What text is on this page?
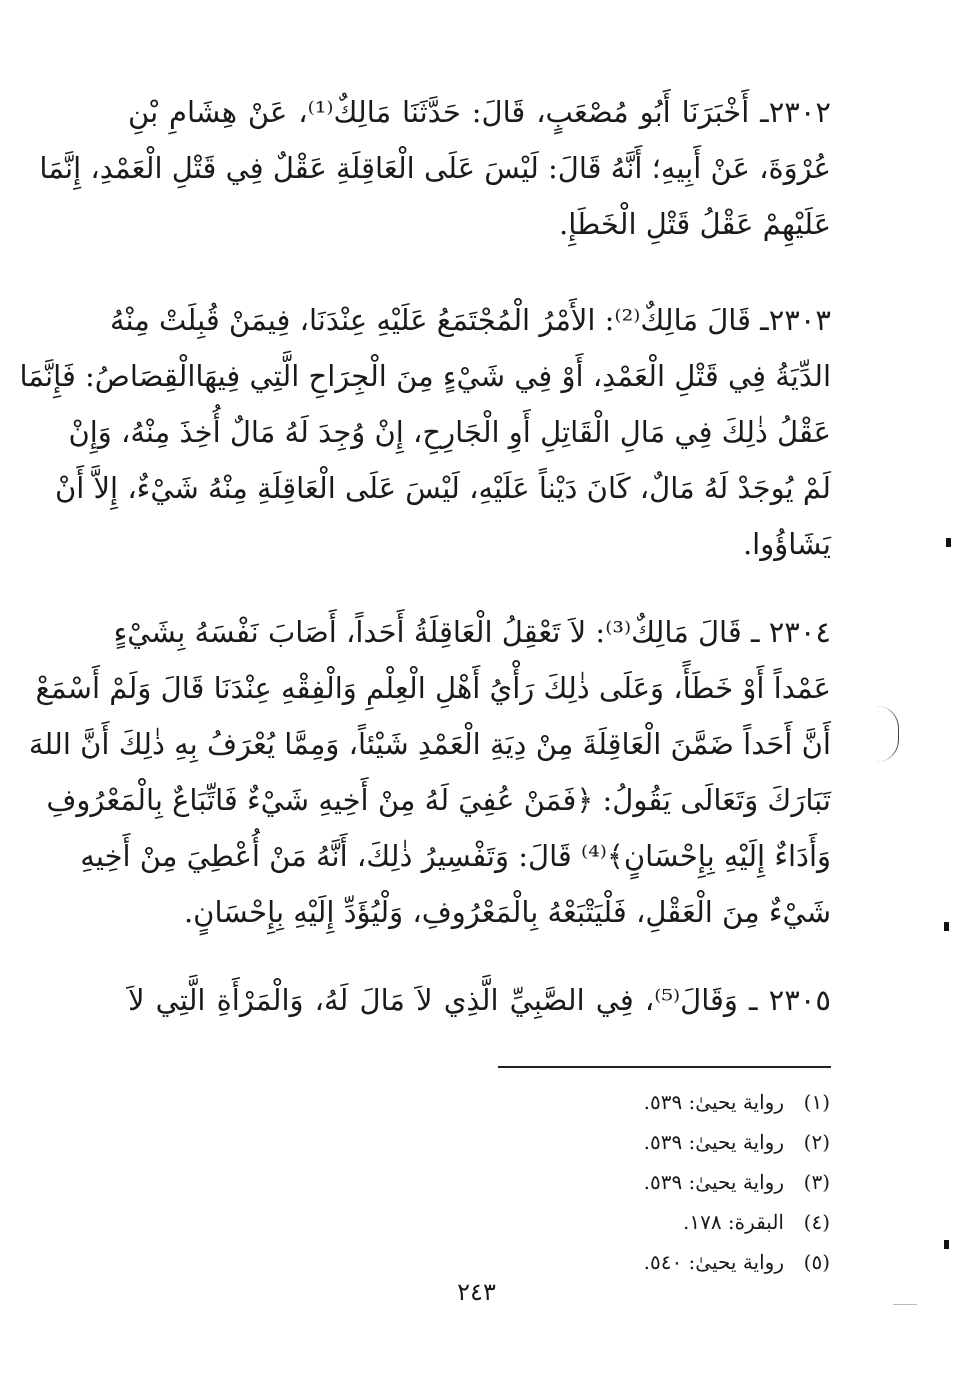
٢٣٠٢ـ أَخْبَرَنَا أَبُو مُصْعَبٍ، قَالَ: حَدَّثَنَا مَالِكٌ⁽¹⁾، عَنْ هِشَامِ بْنِ
عُرْوَةَ، عَنْ أَبِيهِ؛ أَنَّهُ قَالَ: لَيْسَ عَلَى الْعَاقِلَةِ عَقْلٌ فِي قَتْلِ الْعَمْدِ، إِنَّمَا
عَلَيْهِمْ عَقْلُ قَتْلِ الْخَطَإِ.
٢٣٠٣ـ قَالَ مَالِكٌ⁽²⁾: الأَمْرُ الْمُجْتَمَعُ عَلَيْهِ عِنْدَنَا، فِيمَنْ قُبِلَتْ مِنْهُ
الدِّيَةُ فِي قَتْلِ الْعَمْدِ، أَوْ فِي شَيْءٍ مِنَ الْجِرَاحِ الَّتِي فِيهَاالْقِصَاصُ: فَإِنَّمَا
عَقْلُ ذٰلِكَ فِي مَالِ الْقَاتِلِ أَوِ الْجَارِحِ، إِنْ وُجِدَ لَهُ مَالٌ أُخِذَ مِنْهُ، وَإِنْ
لَمْ يُوجَدْ لَهُ مَالٌ، كَانَ دَيْناً عَلَيْهِ، لَيْسَ عَلَى الْعَاقِلَةِ مِنْهُ شَيْءٌ، إِلاَّ أَنْ
يَشَاؤُوا.
٢٣٠٤ ـ قَالَ مَالِكٌ⁽³⁾: لاَ تَعْقِلُ الْعَاقِلَةُ أَحَداً، أَصَابَ نَفْسَهُ بِشَيْءٍ
عَمْداً أَوْ خَطَأً، وَعَلَى ذٰلِكَ رَأْيُ أَهْلِ الْعِلْمِ وَالْفِقْهِ عِنْدَنَا قَالَ وَلَمْ أَسْمَعْ
أَنَّ أَحَداً ضَمَّنَ الْعَاقِلَةَ مِنْ دِيَةِ الْعَمْدِ شَيْئاً، وَمِمَّا يُعْرَفُ بِهِ ذٰلِكَ أَنَّ اللهَ
تَبَارَكَ وَتَعَالَى يَقُولُ: ﴿فَمَنْ عُفِيَ لَهُ مِنْ أَخِيهِ شَيْءٌ فَاتِّبَاعٌ بِالْمَعْرُوفِ
وَأَدَاءٌ إِلَيْهِ بِإِحْسَانٍ﴾⁽⁴⁾ قَالَ: وَتَفْسِيرُ ذٰلِكَ، أَنَّهُ مَنْ أُعْطِيَ مِنْ أَخِيهِ
شَيْءٌ مِنَ الْعَقْلِ، فَلْيَتْبَعْهُ بِالْمَعْرُوفِ، وَلْيُؤَدِّ إِلَيْهِ بِإِحْسَانٍ.
٢٣٠٥ ـ وَقَالَ⁽⁵⁾، فِي الصَّبِيِّ الَّذِي لاَ مَالَ لَهُ، وَالْمَرْأَةِ الَّتِي لاَ
(١)رواية يحيىٰ: ٥٣٩.
(٢)رواية يحيىٰ: ٥٣٩.
(٣)رواية يحيىٰ: ٥٣٩.
(٤)البقرة: ١٧٨.
(٥)رواية يحيىٰ: ٥٤٠.
٢٤٣
